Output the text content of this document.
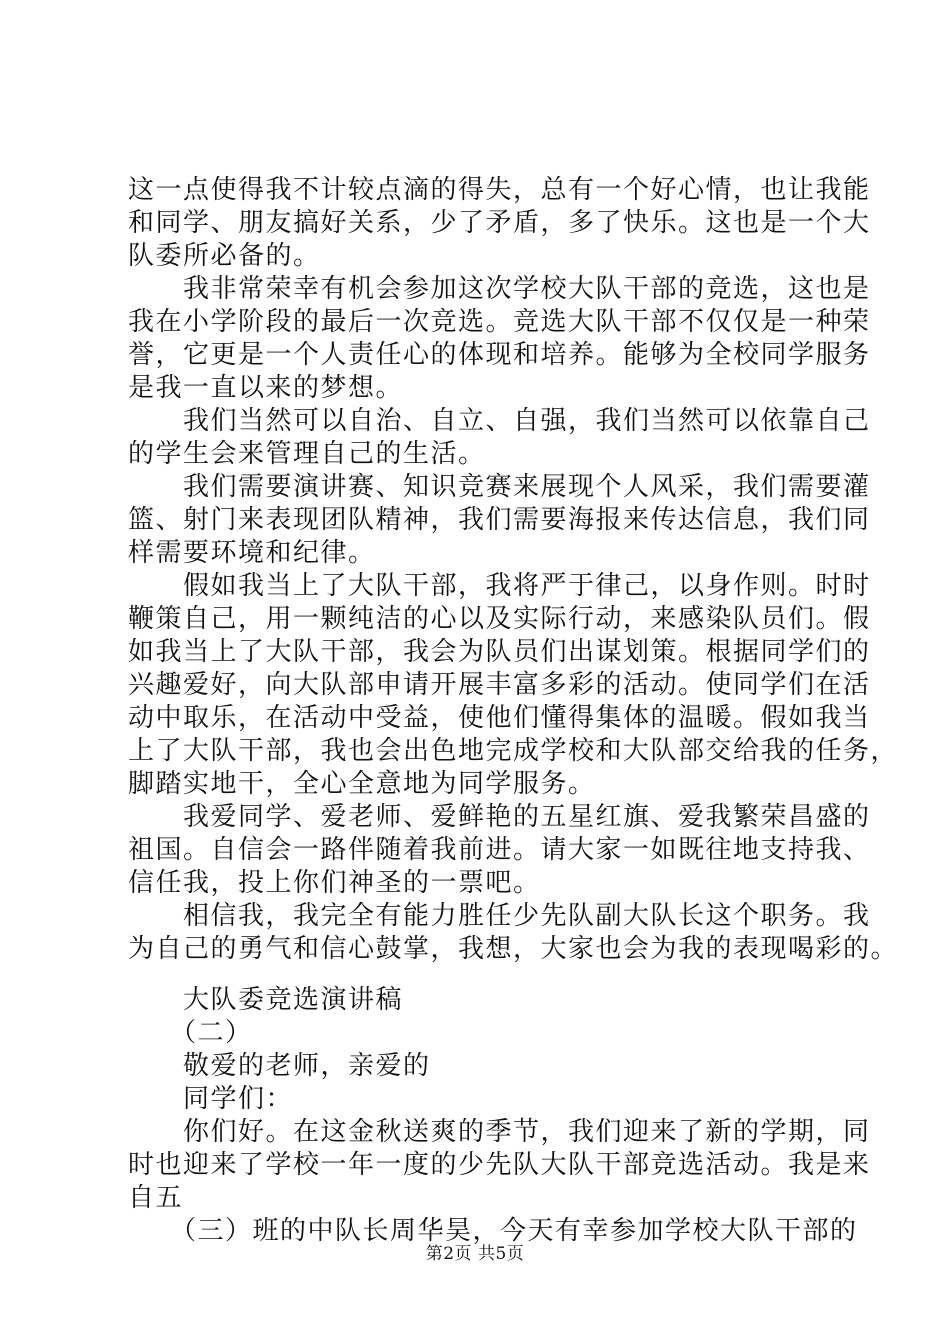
这一点使得我不计较点滴的得失，总有一个好心情，也让我能
和同学、朋友搞好关系，少了矛盾，多了快乐。这也是一个大
队委所必备的。
　　我非常荣幸有机会参加这次学校大队干部的竞选，这也是
我在小学阶段的最后一次竞选。竞选大队干部不仅仅是一种荣
誉，它更是一个人责任心的体现和培养。能够为全校同学服务
是我一直以来的梦想。
　　我们当然可以自治、自立、自强，我们当然可以依靠自己
的学生会来管理自己的生活。
　　我们需要演讲赛、知识竞赛来展现个人风采，我们需要灌
篮、射门来表现团队精神，我们需要海报来传达信息，我们同
样需要环境和纪律。
　　假如我当上了大队干部，我将严于律己，以身作则。时时
鞭策自己，用一颗纯洁的心以及实际行动，来感染队员们。假
如我当上了大队干部，我会为队员们出谋划策。根据同学们的
兴趣爱好，向大队部申请开展丰富多彩的活动。使同学们在活
动中取乐，在活动中受益，使他们懂得集体的温暖。假如我当
上了大队干部，我也会出色地完成学校和大队部交给我的任务，
脚踏实地干，全心全意地为同学服务。
　　我爱同学、爱老师、爱鲜艳的五星红旗、爱我繁荣昌盛的
祖国。自信会一路伴随着我前进。请大家一如既往地支持我、
信任我，投上你们神圣的一票吧。
　　相信我，我完全有能力胜任少先队副大队长这个职务。我
为自己的勇气和信心鼓掌，我想，大家也会为我的表现喝彩的。
　　大队委竞选演讲稿
　　（二）
　　敬爱的老师，亲爱的
　　同学们：
　　你们好。在这金秋送爽的季节，我们迎来了新的学期，同
时也迎来了学校一年一度的少先队大队干部竞选活动。我是来
自五
　　（三）班的中队长周华昊，今天有幸参加学校大队干部的
第2页 共5页
